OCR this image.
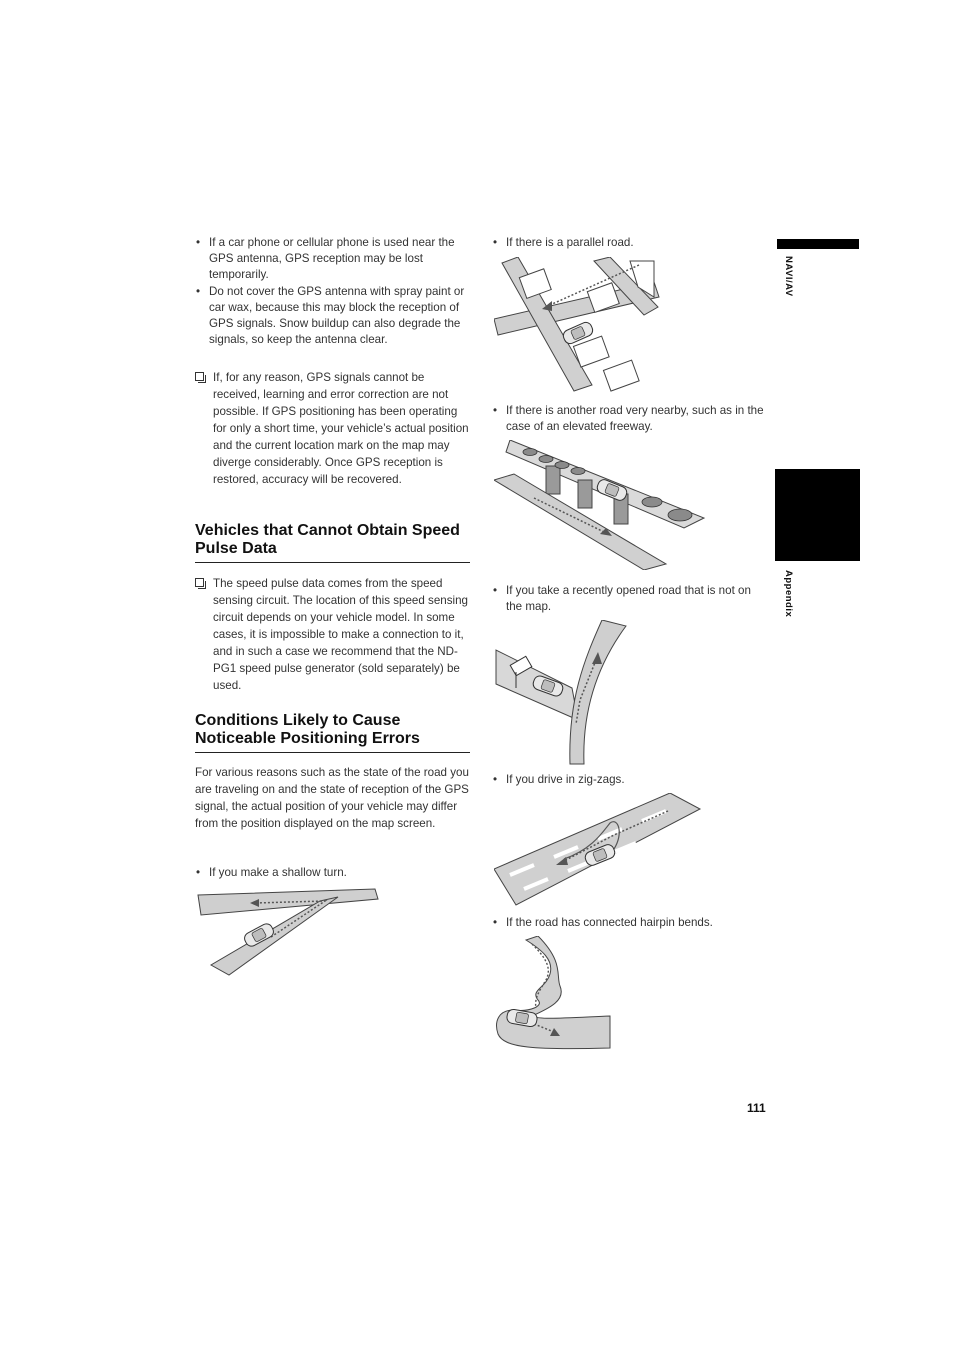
• If a car phone or cellular phone is used near the GPS antenna, GPS reception may be lost temporarily.

• Do not cover the GPS antenna with spray paint or car wax, because this may block the reception of GPS signals. Snow buildup can also degrade the signals, so keep the antenna clear.

If, for any reason, GPS signals cannot be received, learning and error correction are not possible. If GPS positioning has been operating for only a short time, your vehicle’s actual position and the current location mark on the map may diverge considerably. Once GPS reception is restored, accuracy will be recovered.

Vehicles that Cannot Obtain Speed Pulse Data

The speed pulse data comes from the speed sensing circuit. The location of this speed sensing circuit depends on your vehicle model. In some cases, it is impossible to make a connection to it, and in such a case we recommend that the ND-PG1 speed pulse generator (sold separately) be used.

Conditions Likely to Cause Noticeable Positioning Errors

For various reasons such as the state of the road you are traveling on and the state of reception of the GPS signal, the actual position of your vehicle may differ from the position displayed on the map screen.

• If you make a shallow turn.

• If there is a parallel road.

• If there is another road very nearby, such as in the case of an elevated freeway.

• If you take a recently opened road that is not on the map.

• If you drive in zig-zags.

• If the road has connected hairpin bends.

NAVI/AV
Appendix
111
